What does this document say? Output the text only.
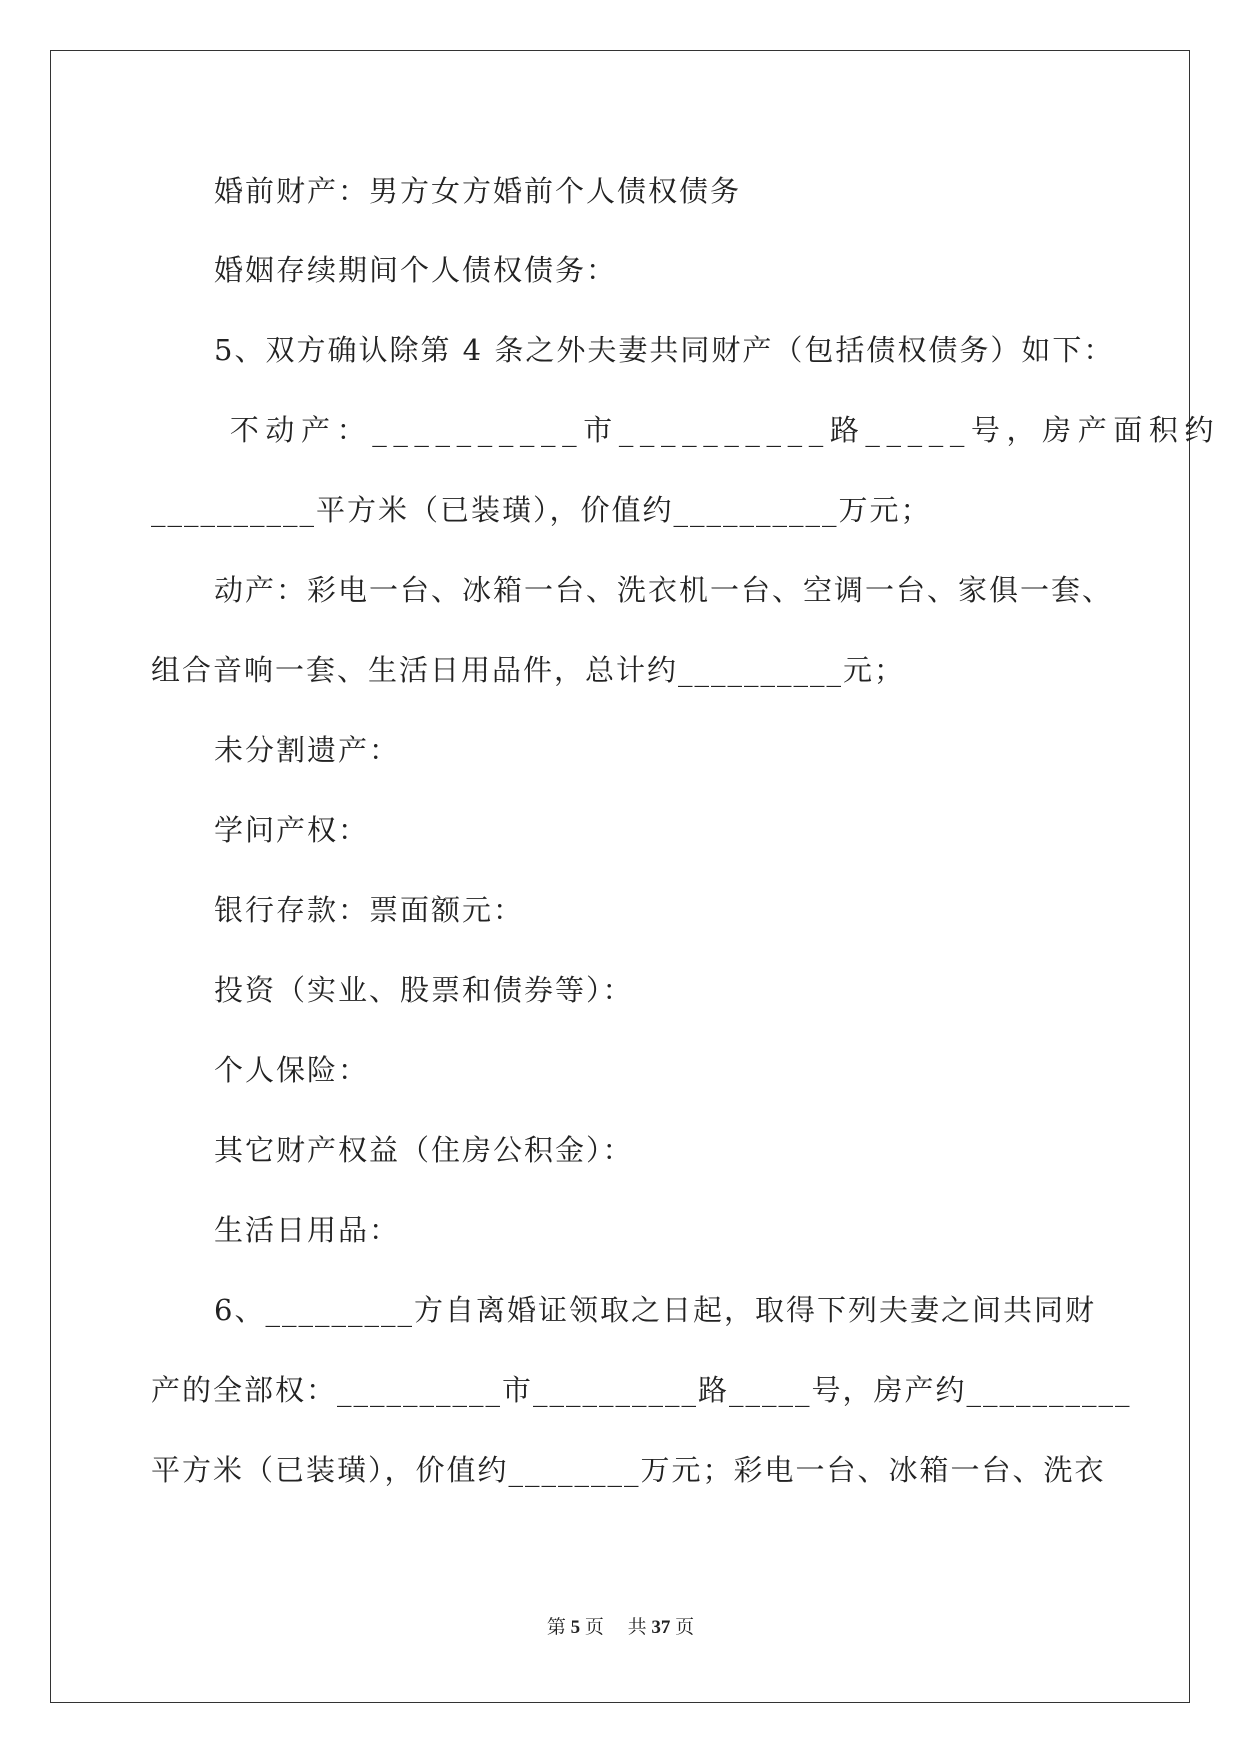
婚前财产：男方女方婚前个人债权债务
婚姻存续期间个人债权债务：
5、双方确认除第 4 条之外夫妻共同财产（包括债权债务）如下：
不动产：__________市__________路_____号，房产面积约
__________平方米（已装璜），价值约__________万元；
动产：彩电一台、冰箱一台、洗衣机一台、空调一台、家俱一套、
组合音响一套、生活日用品件，总计约__________元；
未分割遗产：
学问产权：
银行存款：票面额元：
投资（实业、股票和债券等）：
个人保险：
其它财产权益（住房公积金）：
生活日用品：
6、_________方自离婚证领取之日起，取得下列夫妻之间共同财
产的全部权：__________市__________路_____号，房产约__________
平方米（已装璜），价值约________万元；彩电一台、冰箱一台、洗衣
第 5 页 共 37 页
